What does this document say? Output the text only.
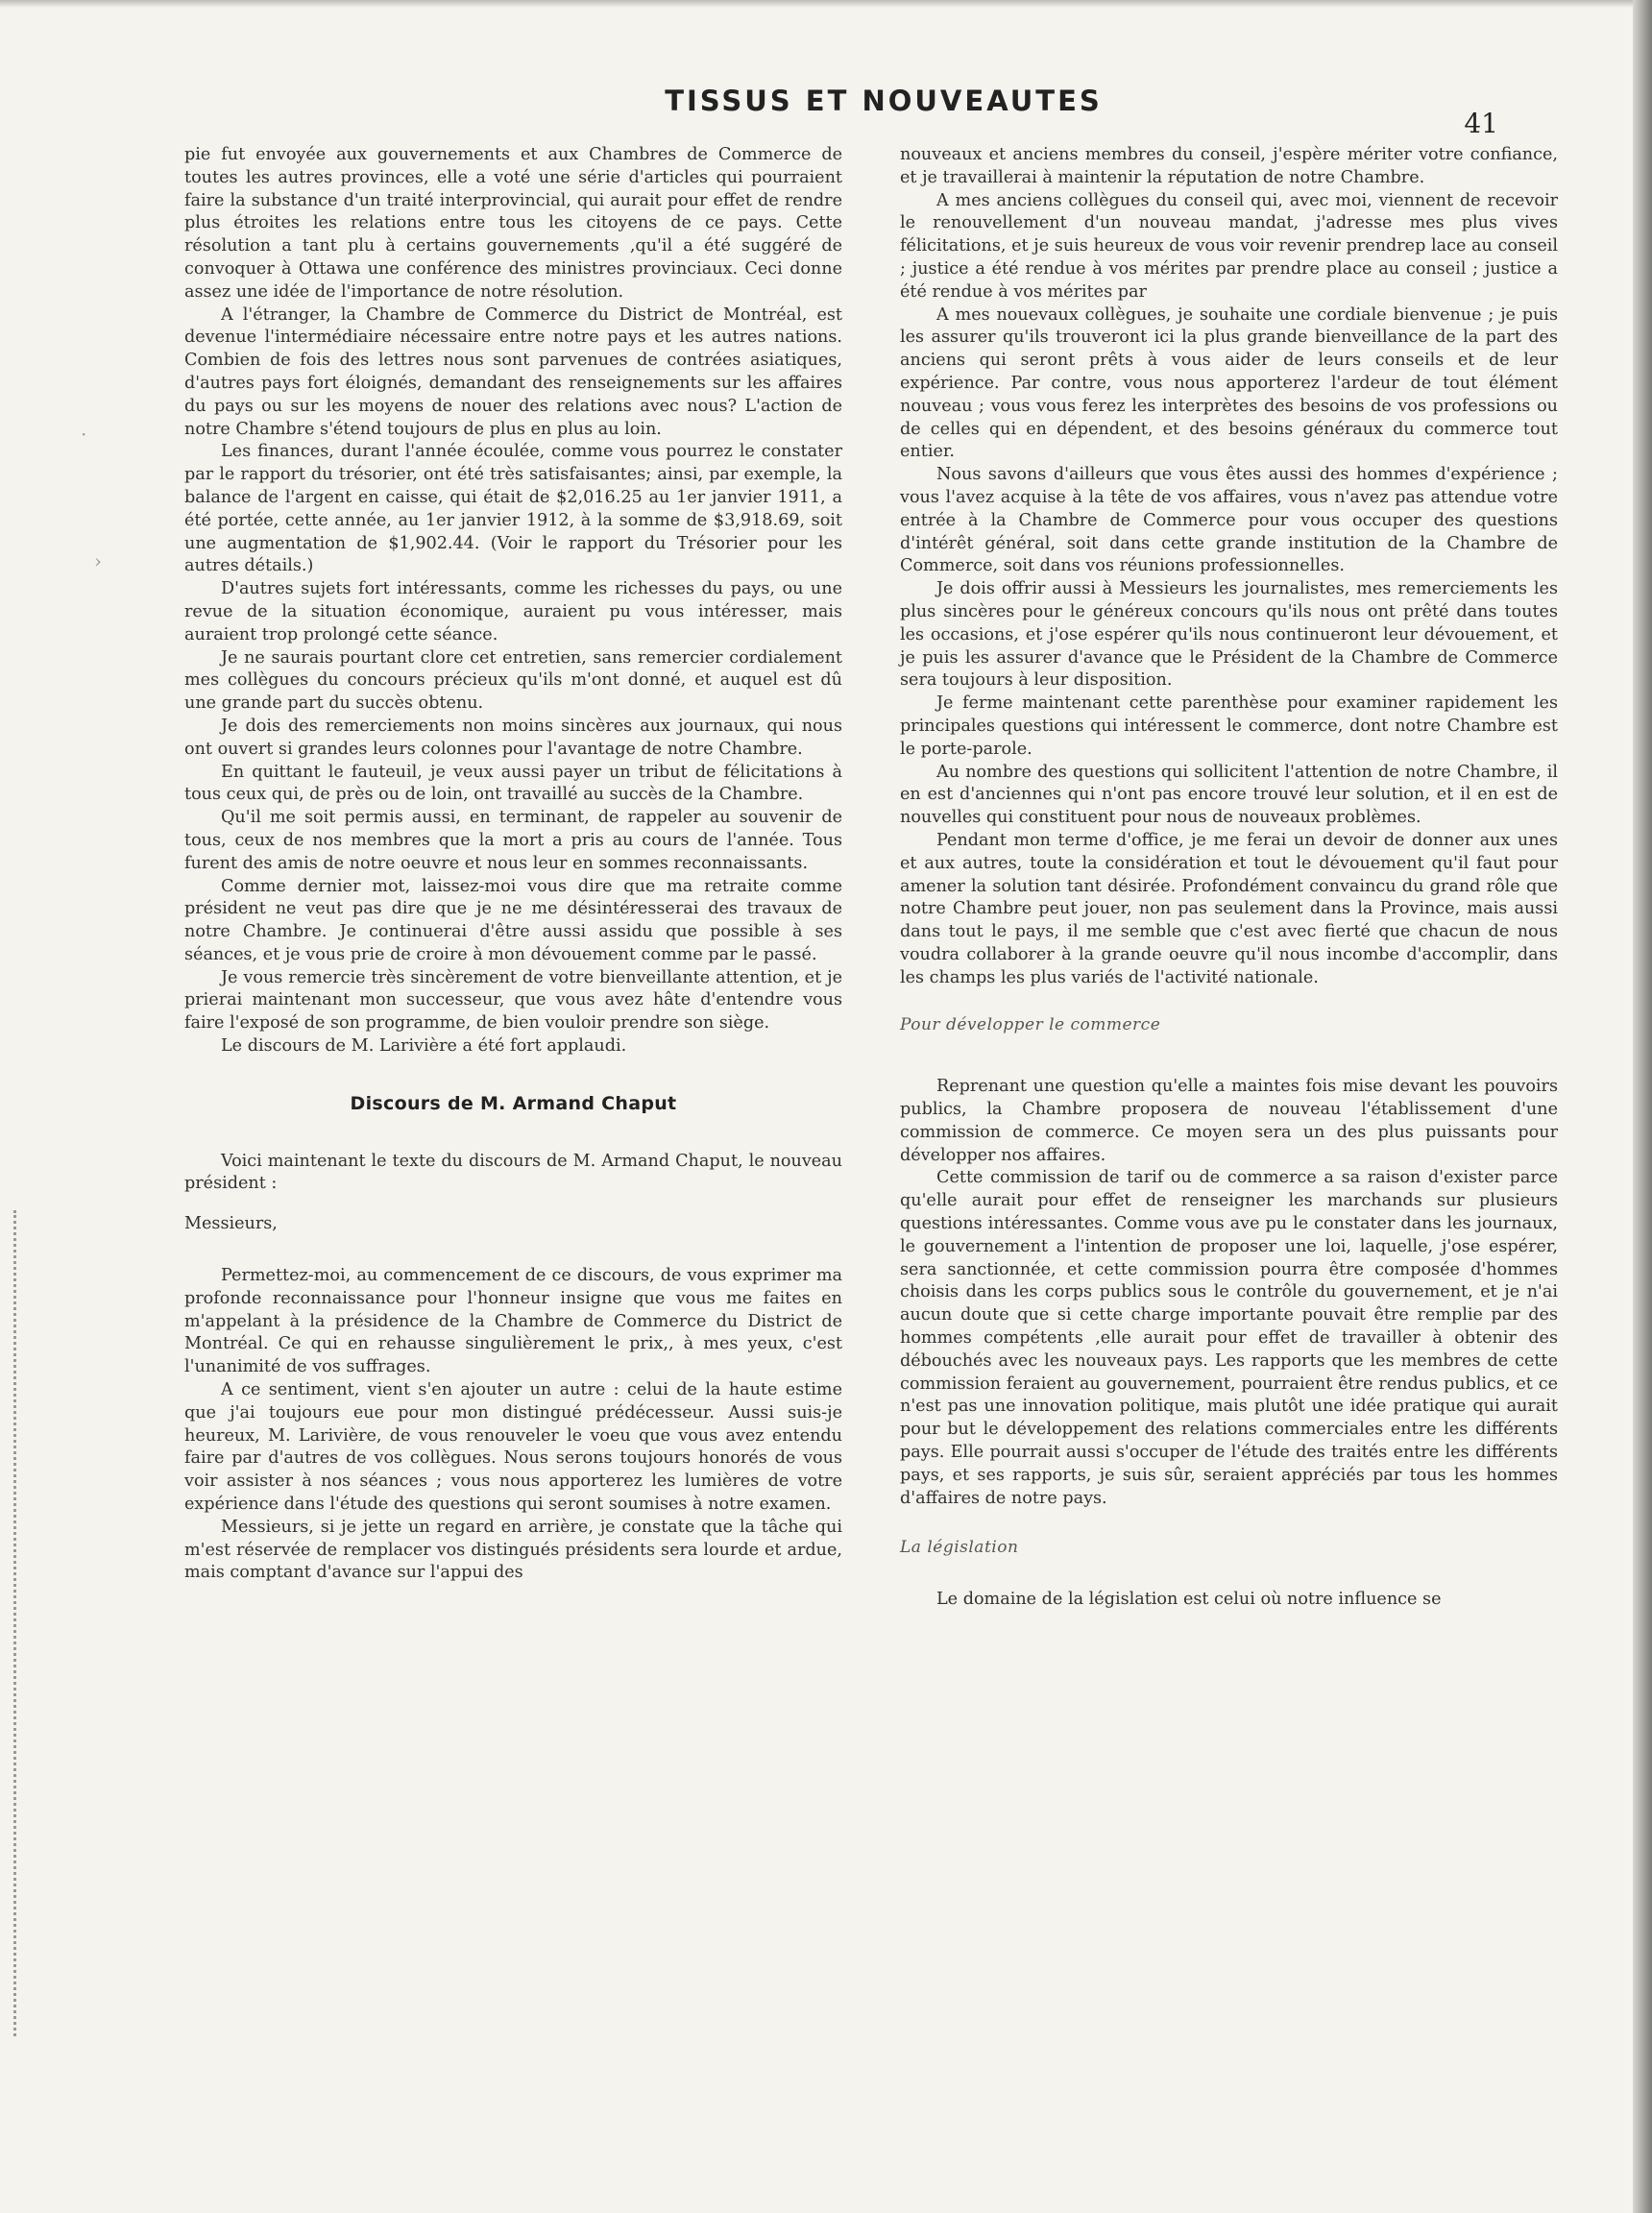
·
›
TISSUS ET NOUVEAUTES
41

pie fut envoyée aux gouvernements et aux Chambres de Commerce de toutes les autres provinces, elle a voté une série d'articles qui pourraient faire la substance d'un traité interprovincial, qui aurait pour effet de rendre plus étroites les relations entre tous les citoyens de ce pays. Cette résolution a tant plu à certains gouvernements ,qu'il a été suggéré de convoquer à Ottawa une conférence des ministres provinciaux. Ceci donne assez une idée de l'importance de notre résolution.

A l'étranger, la Chambre de Commerce du District de Montréal, est devenue l'intermédiaire nécessaire entre notre pays et les autres nations. Combien de fois des lettres nous sont parvenues de contrées asiatiques, d'autres pays fort éloignés, demandant des renseignements sur les affaires du pays ou sur les moyens de nouer des relations avec nous? L'action de notre Chambre s'étend toujours de plus en plus au loin.

Les finances, durant l'année écoulée, comme vous pourrez le constater par le rapport du trésorier, ont été très satisfaisantes; ainsi, par exemple, la balance de l'argent en caisse, qui était de $2,016.25 au 1er janvier 1911, a été portée, cette année, au 1er janvier 1912, à la somme de $3,918.69, soit une augmentation de $1,902.44. (Voir le rapport du Trésorier pour les autres détails.)

D'autres sujets fort intéressants, comme les richesses du pays, ou une revue de la situation économique, auraient pu vous intéresser, mais auraient trop prolongé cette séance.

Je ne saurais pourtant clore cet entretien, sans remercier cordialement mes collègues du concours précieux qu'ils m'ont donné, et auquel est dû une grande part du succès obtenu.

Je dois des remerciements non moins sincères aux journaux, qui nous ont ouvert si grandes leurs colonnes pour l'avantage de notre Chambre.

En quittant le fauteuil, je veux aussi payer un tribut de félicitations à tous ceux qui, de près ou de loin, ont travaillé au succès de la Chambre.

Qu'il me soit permis aussi, en terminant, de rappeler au souvenir de tous, ceux de nos membres que la mort a pris au cours de l'année. Tous furent des amis de notre oeuvre et nous leur en sommes reconnaissants.

Comme dernier mot, laissez-moi vous dire que ma retraite comme président ne veut pas dire que je ne me désintéresserai des travaux de notre Chambre. Je continuerai d'être aussi assidu que possible à ses séances, et je vous prie de croire à mon dévouement comme par le passé.

Je vous remercie très sincèrement de votre bienveillante attention, et je prierai maintenant mon successeur, que vous avez hâte d'entendre vous faire l'exposé de son programme, de bien vouloir prendre son siège.

Le discours de M. Larivière a été fort applaudi.

Discours de M. Armand Chaput

Voici maintenant le texte du discours de M. Armand Chaput, le nouveau président :

Messieurs,

Permettez-moi, au commencement de ce discours, de vous exprimer ma profonde reconnaissance pour l'honneur insigne que vous me faites en m'appelant à la présidence de la Chambre de Commerce du District de Montréal. Ce qui en rehausse singulièrement le prix,, à mes yeux, c'est l'unanimité de vos suffrages.

A ce sentiment, vient s'en ajouter un autre : celui de la haute estime que j'ai toujours eue pour mon distingué prédécesseur. Aussi suis-je heureux, M. Larivière, de vous renouveler le voeu que vous avez entendu faire par d'autres de vos collègues. Nous serons toujours honorés de vous voir assister à nos séances ; vous nous apporterez les lumières de votre expérience dans l'étude des questions qui seront soumises à notre examen.

Messieurs, si je jette un regard en arrière, je constate que la tâche qui m'est réservée de remplacer vos distingués présidents sera lourde et ardue, mais comptant d'avance sur l'appui des

nouveaux et anciens membres du conseil, j'espère mériter votre confiance, et je travaillerai à maintenir la réputation de notre Chambre.

A mes anciens collègues du conseil qui, avec moi, viennent de recevoir le renouvellement d'un nouveau mandat, j'adresse mes plus vives félicitations, et je suis heureux de vous voir revenir prendrep lace au conseil ; justice a été rendue à vos mérites par prendre place au conseil ; justice a été rendue à vos mérites par

A mes nouevaux collègues, je souhaite une cordiale bienvenue ; je puis les assurer qu'ils trouveront ici la plus grande bienveillance de la part des anciens qui seront prêts à vous aider de leurs conseils et de leur expérience. Par contre, vous nous apporterez l'ardeur de tout élément nouveau ; vous vous ferez les interprètes des besoins de vos professions ou de celles qui en dépendent, et des besoins généraux du commerce tout entier.

Nous savons d'ailleurs que vous êtes aussi des hommes d'expérience ; vous l'avez acquise à la tête de vos affaires, vous n'avez pas attendue votre entrée à la Chambre de Commerce pour vous occuper des questions d'intérêt général, soit dans cette grande institution de la Chambre de Commerce, soit dans vos réunions professionnelles.

Je dois offrir aussi à Messieurs les journalistes, mes remerciements les plus sincères pour le généreux concours qu'ils nous ont prêté dans toutes les occasions, et j'ose espérer qu'ils nous continueront leur dévouement, et je puis les assurer d'avance que le Président de la Chambre de Commerce sera toujours à leur disposition.

Je ferme maintenant cette parenthèse pour examiner rapidement les principales questions qui intéressent le commerce, dont notre Chambre est le porte-parole.

Au nombre des questions qui sollicitent l'attention de notre Chambre, il en est d'anciennes qui n'ont pas encore trouvé leur solution, et il en est de nouvelles qui constituent pour nous de nouveaux problèmes.

Pendant mon terme d'office, je me ferai un devoir de donner aux unes et aux autres, toute la considération et tout le dévouement qu'il faut pour amener la solution tant désirée. Profondément convaincu du grand rôle que notre Chambre peut jouer, non pas seulement dans la Province, mais aussi dans tout le pays, il me semble que c'est avec fierté que chacun de nous voudra collaborer à la grande oeuvre qu'il nous incombe d'accomplir, dans les champs les plus variés de l'activité nationale.

Pour développer le commerce

Reprenant une question qu'elle a maintes fois mise devant les pouvoirs publics, la Chambre proposera de nouveau l'établissement d'une commission de commerce. Ce moyen sera un des plus puissants pour développer nos affaires.

Cette commission de tarif ou de commerce a sa raison d'exister parce qu'elle aurait pour effet de renseigner les marchands sur plusieurs questions intéressantes. Comme vous ave pu le constater dans les journaux, le gouvernement a l'intention de proposer une loi, laquelle, j'ose espérer, sera sanctionnée, et cette commission pourra être composée d'hommes choisis dans les corps publics sous le contrôle du gouvernement, et je n'ai aucun doute que si cette charge importante pouvait être remplie par des hommes compétents ,elle aurait pour effet de travailler à obtenir des débouchés avec les nouveaux pays. Les rapports que les membres de cette commission feraient au gouvernement, pourraient être rendus publics, et ce n'est pas une innovation politique, mais plutôt une idée pratique qui aurait pour but le développement des relations commerciales entre les différents pays. Elle pourrait aussi s'occuper de l'étude des traités entre les différents pays, et ses rapports, je suis sûr, seraient appréciés par tous les hommes d'affaires de notre pays.

La législation

Le domaine de la législation est celui où notre influence se
